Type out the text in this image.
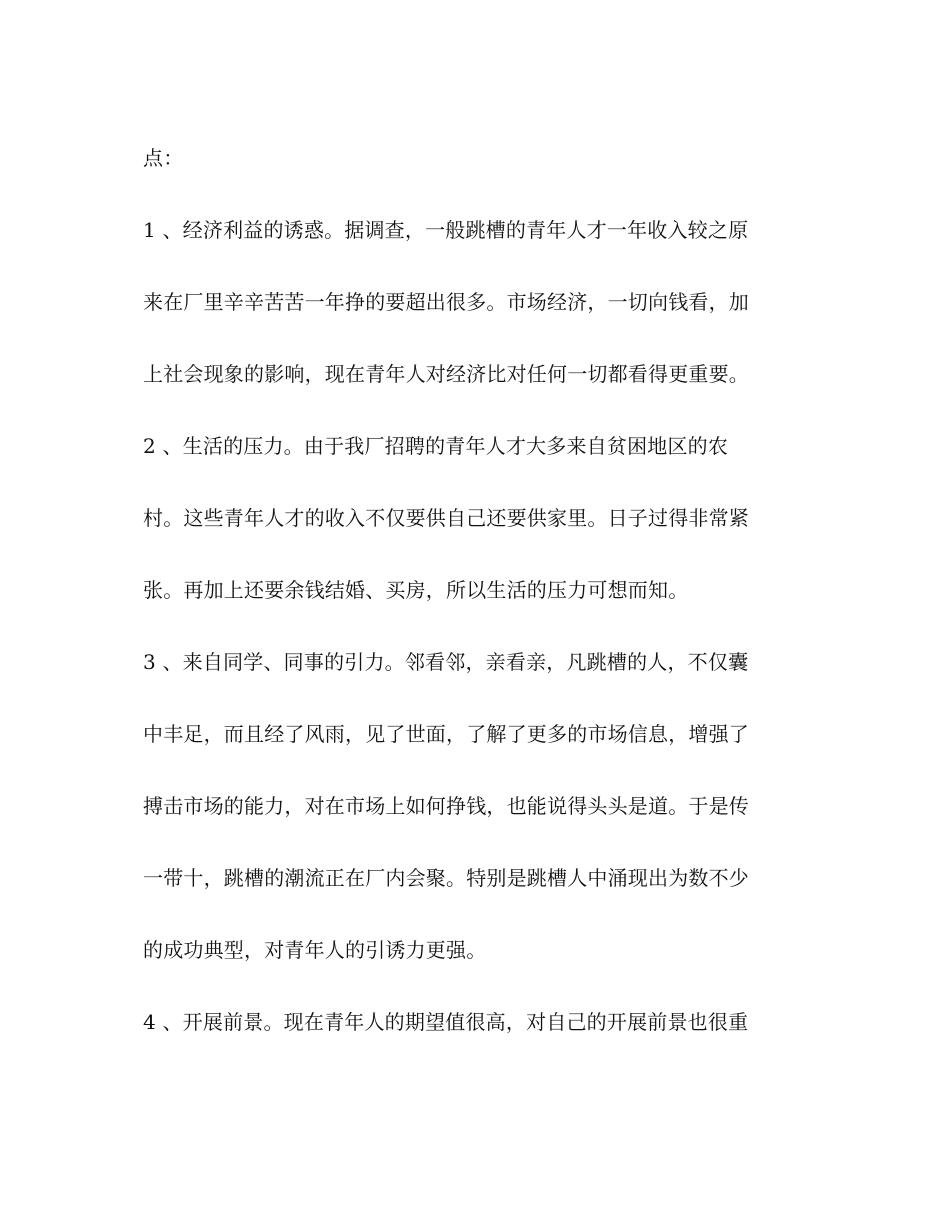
点：
1 、经济利益的诱惑。据调查，一般跳槽的青年人才一年收入较之原
来在厂里辛辛苦苦一年挣的要超出很多。市场经济，一切向钱看，加
上社会现象的影响，现在青年人对经济比对任何一切都看得更重要。
2 、生活的压力。由于我厂招聘的青年人才大多来自贫困地区的农
村。这些青年人才的收入不仅要供自己还要供家里。日子过得非常紧
张。再加上还要余钱结婚、买房，所以生活的压力可想而知。
3 、来自同学、同事的引力。邻看邻，亲看亲，凡跳槽的人，不仅囊
中丰足，而且经了风雨，见了世面，了解了更多的市场信息，增强了
搏击市场的能力，对在市场上如何挣钱，也能说得头头是道。于是传
一带十，跳槽的潮流正在厂内会聚。特别是跳槽人中涌现出为数不少
的成功典型，对青年人的引诱力更强。
4 、开展前景。现在青年人的期望值很高，对自己的开展前景也很重
